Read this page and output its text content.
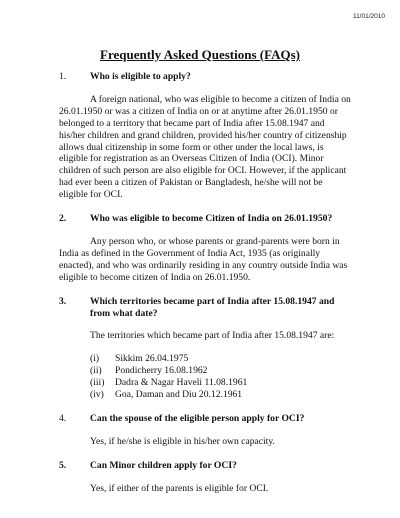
11/01/2010
Frequently Asked Questions (FAQs)
1. Who is eligible to apply?

A foreign national, who was eligible to become a citizen of India on 26.01.1950 or was a citizen of India on or at anytime after 26.01.1950 or belonged to a territory that became part of India after 15.08.1947 and his/her children and grand children, provided his/her country of citizenship allows dual citizenship in some form or other under the local laws, is eligible for registration as an Overseas Citizen of India (OCI). Minor children of such person are also eligible for OCI. However, if the applicant had ever been a citizen of Pakistan or Bangladesh, he/she will not be eligible for OCI.

2. Who was eligible to become Citizen of India on 26.01.1950?

Any person who, or whose parents or grand-parents were born in India as defined in the Government of India Act, 1935 (as originally enacted), and who was ordinarily residing in any country outside India was eligible to become citizen of India on 26.01.1950.

3. Which territories became part of India after 15.08.1947 and from what date?

The territories which became part of India after 15.08.1947 are:

(i) Sikkim 26.04.1975
(ii) Pondicherry 16.08.1962
(iii) Dadra & Nagar Haveli 11.08.1961
(iv) Goa, Daman and Diu 20.12.1961
4. Can the spouse of the eligible person apply for OCI?

Yes, if he/she is eligible in his/her own capacity.

5. Can Minor children apply for OCI?

Yes, if either of the parents is eligible for OCI.
